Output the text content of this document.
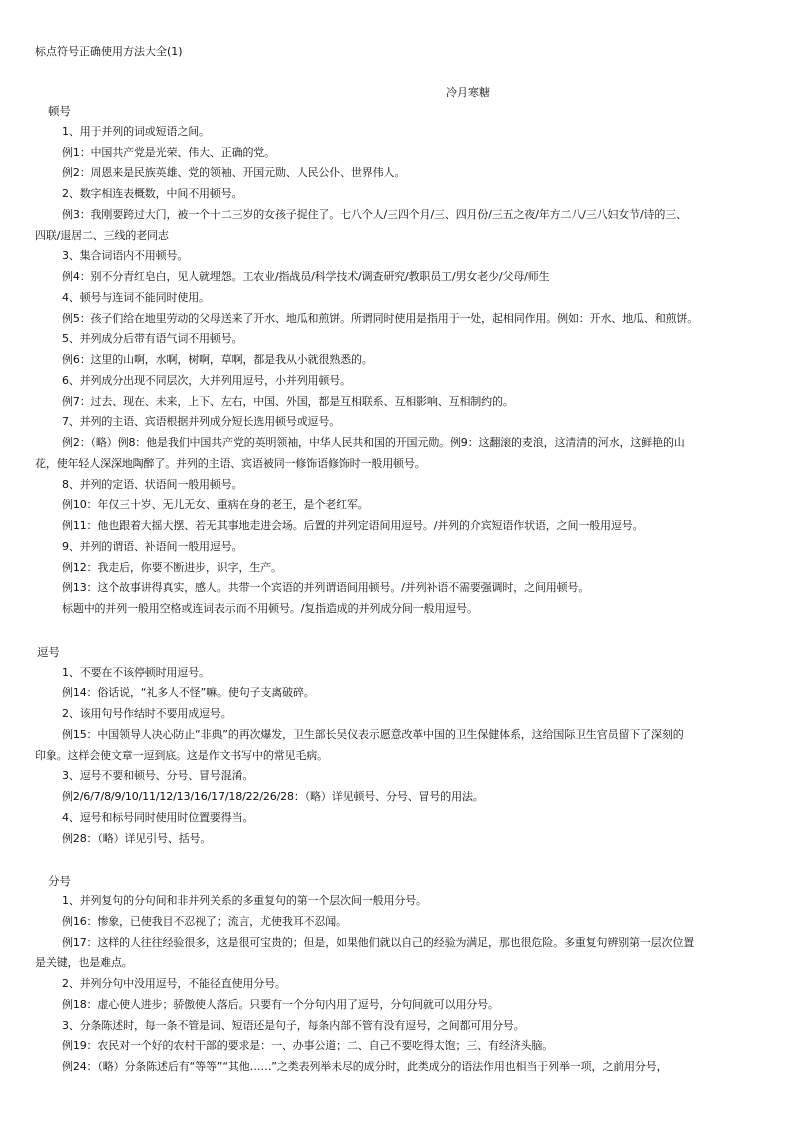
标点符号正确使用方法大全(1)
冷月寒糖
顿号
1、用于并列的词或短语之间。
例1：中国共产党是光荣、伟大、正确的党。
例2：周恩来是民族英雄、党的领袖、开国元勋、人民公仆、世界伟人。
2、数字相连表概数，中间不用顿号。
例3：我刚要跨过大门，被一个十二三岁的女孩子捉住了。七八个人/三四个月/三、四月份/三五之夜/年方二八/三八妇女节/诗的三、
四联/退居二、三线的老同志
3、集合词语内不用顿号。
例4：别不分青红皂白，见人就埋怨。工农业/指战员/科学技术/调查研究/教职员工/男女老少/父母/师生
4、顿号与连词不能同时使用。
例5：孩子们给在地里劳动的父母送来了开水、地瓜和煎饼。所谓同时使用是指用于一处，起相同作用。例如：开水、地瓜、和煎饼。
5、并列成分后带有语气词不用顿号。
例6：这里的山啊，水啊，树啊，草啊，都是我从小就很熟悉的。
6、并列成分出现不同层次，大并列用逗号，小并列用顿号。
例7：过去、现在、未来，上下、左右，中国、外国，都是互相联系、互相影响、互相制约的。
7、并列的主语、宾语根据并列成分短长选用顿号或逗号。
例2：（略）例8：他是我们中国共产党的英明领袖，中华人民共和国的开国元勋。例9：这翻滚的麦浪，这清清的河水，这鲜艳的山
花，使年轻人深深地陶醉了。并列的主语、宾语被同一修饰语修饰时一般用顿号。
8、并列的定语、状语间一般用顿号。
例10：年仅三十岁、无儿无女、重病在身的老王，是个老红军。
例11：他也跟着大摇大摆、若无其事地走进会场。后置的并列定语间用逗号。/并列的介宾短语作状语，之间一般用逗号。
9、并列的谓语、补语间一般用逗号。
例12：我走后，你要不断进步，识字，生产。
例13：这个故事讲得真实，感人。共带一个宾语的并列谓语间用顿号。/并列补语不需要强调时，之间用顿号。
标题中的并列一般用空格或连词表示而不用顿号。/复指造成的并列成分间一般用逗号。
逗号
1、不要在不该停顿时用逗号。
例14：俗话说，“礼多人不怪”嘛。使句子支离破碎。
2、该用句号作结时不要用成逗号。
例15：中国领导人决心防止“非典”的再次爆发，卫生部长吴仪表示愿意改革中国的卫生保健体系，这给国际卫生官员留下了深刻的
印象。这样会使文章一逗到底。这是作文书写中的常见毛病。
3、逗号不要和顿号、分号、冒号混淆。
例2/6/7/8/9/10/11/12/13/16/17/18/22/26/28：（略）详见顿号、分号、冒号的用法。
4、逗号和标号同时使用时位置要得当。
例28：（略）详见引号、括号。
分号
1、并列复句的分句间和非并列关系的多重复句的第一个层次间一般用分号。
例16：惨象，已使我目不忍视了；流言，尤使我耳不忍闻。
例17：这样的人往往经验很多，这是很可宝贵的；但是，如果他们就以自己的经验为满足，那也很危险。多重复句辨别第一层次位置
是关键，也是难点。
2、并列分句中没用逗号，不能径直使用分号。
例18：虚心使人进步；骄傲使人落后。只要有一个分句内用了逗号，分句间就可以用分号。
3、分条陈述时，每一条不管是词、短语还是句子，每条内部不管有没有逗号，之间都可用分号。
例19：农民对一个好的农村干部的要求是：一、办事公道；二、自己不要吃得太饱；三、有经济头脑。
例24：（略）分条陈述后有“等等”“其他……”之类表列举未尽的成分时，此类成分的语法作用也相当于列举一项，之前用分号，
